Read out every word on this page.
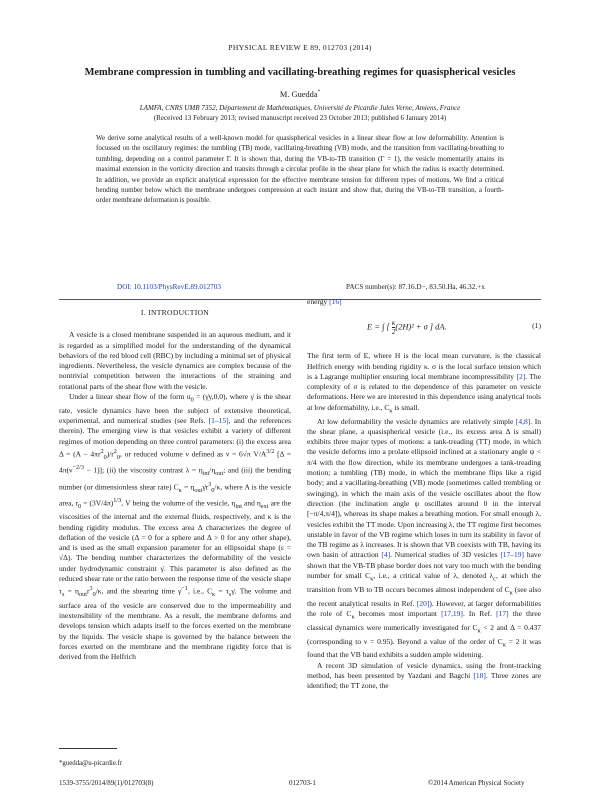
PHYSICAL REVIEW E 89, 012703 (2014)
Membrane compression in tumbling and vacillating-breathing regimes for quasispherical vesicles
M. Guedda*
LAMFA, CNRS UMR 7352, Département de Mathématiques, Université de Picardie Jules Verne, Amiens, France
(Received 13 February 2013; revised manuscript received 23 October 2013; published 6 January 2014)
We derive some analytical results of a well-known model for quasispherical vesicles in a linear shear flow at low deformability. Attention is focussed on the oscillatory regimes: the tumbling (TB) mode, vacillating-breathing (VB) mode, and the transition from vacillating-breathing to tumbling, depending on a control parameter Γ. It is shown that, during the VB-to-TB transition (Γ = 1), the vesicle momentarily attains its maximal extension in the vorticity direction and transits through a circular profile in the shear plane for which the radius is exactly determined. In addition, we provide an explicit analytical expression for the effective membrane tension for different types of motions. We find a critical bending number below which the membrane undergoes compression at each instant and show that, during the VB-to-TB transition, a fourth-order membrane deformation is possible.
DOI: 10.1103/PhysRevE.89.012703	PACS number(s): 87.16.D−, 83.50.Ha, 46.32.+x
I. INTRODUCTION

A vesicle is a closed membrane suspended in an aqueous medium, and it is regarded as a simplified model for the understanding of the dynamical behaviors of the red blood cell (RBC) by including a minimal set of physical ingredients. Nevertheless, the vesicle dynamics are complex because of the nontrivial competition between the interactions of the straining and rotational parts of the shear flow with the vesicle.

Under a linear shear flow of the form $u_0$ = (γ̇y,0,0), where γ̇ is the shear rate, vesicle dynamics have been the subject of extensive theoretical, experimental, and numerical studies (see Refs. [1–15], and the references therein). The emerging view is that vesicles exhibit a variety of different regimes of motion depending on three control parameters: (i) the excess area $\Delta = (A - 4\pi r^2_0)/r^2_0$, or reduced volume ν defined as ν = 6√π $V/A^{3/2}$ $[\Delta = 4\pi(\nu^{-2/3} - 1)]$; (ii) the viscosity contrast $\lambda = \eta_{int}/\eta_{out}$; and (iii) the bending number (or dimensionless shear rate) $C_\kappa$ = $\eta_{out}\gammȧr^3_0/\kappa$, where A is the vesicle area, $r_0 = (3V/4\pi)^{1/3}$, V being the volume of the vesicle, $\eta_{int}$ and $\eta_{ext}$ are the viscosities of the internal and the external fluids, respectively, and κ is the bending rigidity modulus. The excess area Δ characterizes the degree of deflation of the vesicle (Δ = 0 for a sphere and Δ > 0 for any other shape), and is used as the small expansion parameter for an ellipsoidal shape (ε = √Δ). The bending number characterizes the deformability of the vesicle under hydrodynamic constraint γ̇. This parameter is also defined as the reduced shear rate or the ratio between the response time of the vesicle shape $\tau_s = \eta_{out}r^3_0/\kappa$, and the shearing time γ̇$^{-1}$, i.e., $C_\kappa$ = $\tau_s\gammȧ$. The volume and surface area of the vesicle are conserved due to the impermeability and inextensibility of the membrane. As a result, the membrane deforms and develops tension which adapts itself to the forces exerted on the membrane by the liquids. The vesicle shape is governed by the balance between the forces exerted on the membrane and the membrane rigidity force that is derived from the Helfrich

energy [16]

E = ∫ [ $\frac{\kappa}{2} (2H)^2 + \sigma$ ] dA.	(1)

The first term of E, where H is the local mean curvature, is the classical Helfrich energy with bending rigidity κ. σ is the local surface tension which is a Lagrange multiplier ensuring local membrane incompressibility [2]. The complexity of σ is related to the dependence of this parameter on vesicle deformations. Here we are interested in this dependence using analytical tools at low deformability, i.e., $C_\kappa$ is small.

At low deformability the vesicle dynamics are relatively simple [4,8]. In the shear plane, a quasispherical vesicle (i.e., its excess area Δ is small) exhibits three major types of motions: a tank-treading (TT) mode, in which the vesicle deforms into a prolate ellipsoid inclined at a stationary angle ψ < π/4 with the flow direction, while its membrane undergoes a tank-treading motion; a tumbling (TB) mode, in which the membrane flips like a rigid body; and a vacillating-breathing (VB) mode (sometimes called trembling or swinging), in which the main axis of the vesicle oscillates about the flow direction (the inclination angle ψ oscillates around 0 in the interval [−π/4,π/4]), whereas its shape makes a breathing motion. For small enough λ, vesicles exhibit the TT mode. Upon increasing λ, the TT regime first becomes unstable in favor of the VB regime which loses in turn its stability in favor of the TB regime as λ increases. It is shown that VB coexists with TB, having its own basin of attraction [4]. Numerical studies of 3D vesicles [17–19] have shown that the VB-TB phase border does not vary too much with the bending number for small $C_\kappa$, i.e., a critical value of λ, denoted $\lambda_c$, at which the transition from VB to TB occurs becomes almost independent of $C_\kappa$ (see also the recent analytical results in Ref. [20]). However, at larger deformabilities the role of $C_\kappa$ becomes most important [17,19]. In Ref. [17] the three classical dynamics were numerically investigated for $C_\kappa < 2$ and Δ = 0.437 (corresponding to ν = 0.95). Beyond a value of the order of $C_\kappa = 2$ it was found that the VB band exhibits a sudden ample widening.

A recent 3D simulation of vesicle dynamics, using the front-tracking method, has been presented by Yazdani and Bagchi [18]. Three zones are identified; the TT zone, the

*guedda@u-picardie.fr
1539-3755/2014/89(1)/012703(8)	012703-1	©2014 American Physical Society
